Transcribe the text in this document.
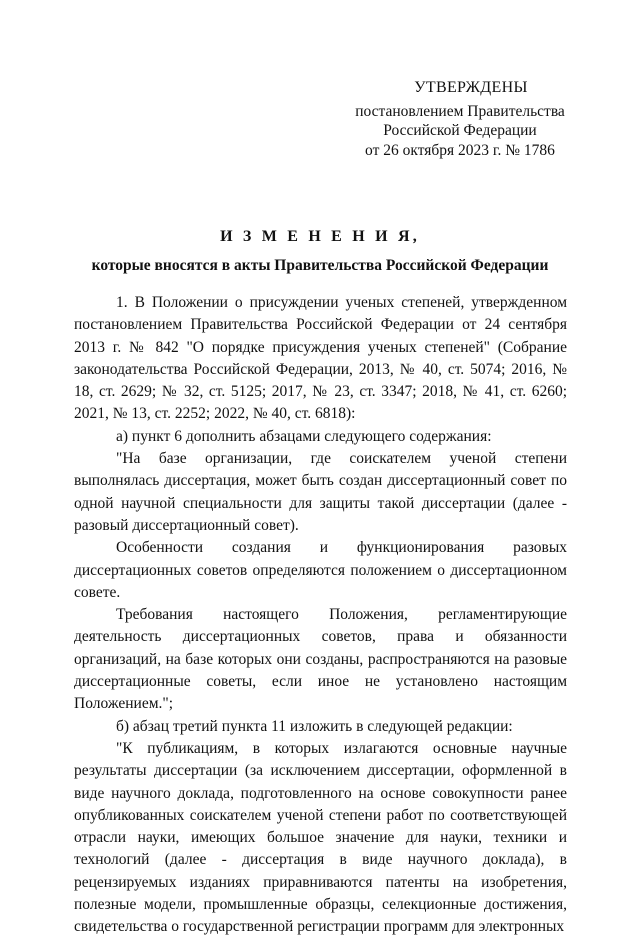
УТВЕРЖДЕНЫ
постановлением Правительства
Российской Федерации
от 26 октября 2023 г. № 1786
И З М Е Н Е Н И Я,
которые вносятся в акты Правительства Российской Федерации

1. В Положении о присуждении ученых степеней, утвержденном постановлением Правительства Российской Федерации от 24 сентября 2013 г. № 842 "О порядке присуждения ученых степеней" (Собрание законодательства Российской Федерации, 2013, № 40, ст. 5074; 2016, № 18, ст. 2629; № 32, ст. 5125; 2017, № 23, ст. 3347; 2018, № 41, ст. 6260; 2021, № 13, ст. 2252; 2022, № 40, ст. 6818):

а) пункт 6 дополнить абзацами следующего содержания:

"На базе организации, где соискателем ученой степени выполнялась диссертация, может быть создан диссертационный совет по одной научной специальности для защиты такой диссертации (далее - разовый диссертационный совет).

Особенности создания и функционирования разовых диссертационных советов определяются положением о диссертационном совете.

Требования настоящего Положения, регламентирующие деятельность диссертационных советов, права и обязанности организаций, на базе которых они созданы, распространяются на разовые диссертационные советы, если иное не установлено настоящим Положением.";

б) абзац третий пункта 11 изложить в следующей редакции:

"К публикациям, в которых излагаются основные научные результаты диссертации (за исключением диссертации, оформленной в виде научного доклада, подготовленного на основе совокупности ранее опубликованных соискателем ученой степени работ по соответствующей отрасли науки, имеющих большое значение для науки, техники и технологий (далее - диссертация в виде научного доклада), в рецензируемых изданиях приравниваются патенты на изобретения, полезные модели, промышленные образцы, селекционные достижения, свидетельства о государственной регистрации программ для электронных
